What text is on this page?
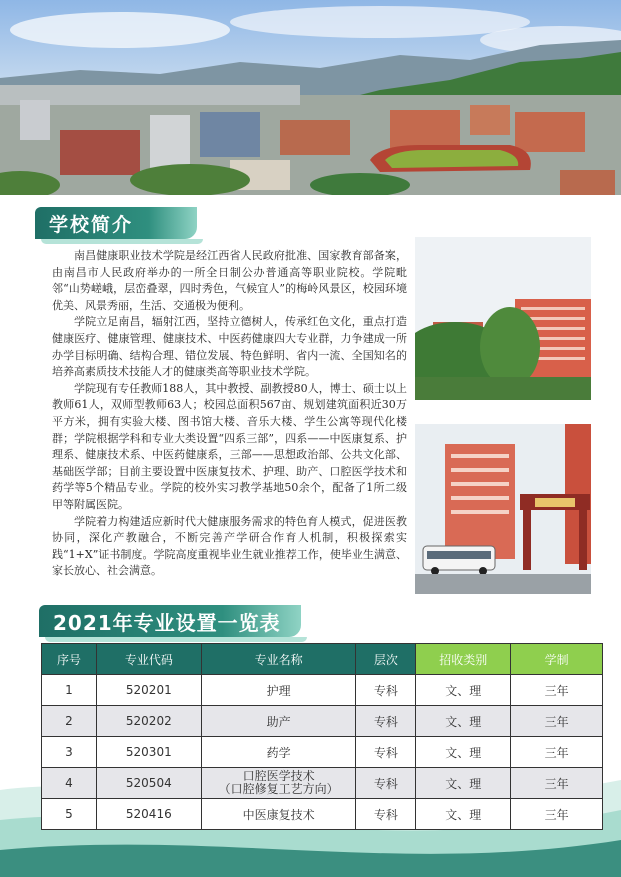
学校简介

南昌健康职业技术学院是经江西省人民政府批准、国家教育部备案，由南昌市人民政府举办的一所全日制公办普通高等职业院校。学院毗邻“山势嵯峨，层峦叠翠，四时秀色，气候宜人”的梅岭风景区，校园环境优美、风景秀丽，生活、交通极为便利。

学院立足南昌，辐射江西，坚持立德树人，传承红色文化，重点打造健康医疗、健康管理、健康技术、中医药健康四大专业群，力争建成一所办学目标明确、结构合理、错位发展、特色鲜明、省内一流、全国知名的培养高素质技术技能人才的健康类高等职业技术学院。

学院现有专任教师188人，其中教授、副教授80人，博士、硕士以上教师61人，双师型教师63人；校园总面积567亩、规划建筑面积近30万平方米，拥有实验大楼、图书馆大楼、音乐大楼、学生公寓等现代化楼群；学院根据学科和专业大类设置“四系三部”，四系——中医康复系、护理系、健康技术系、中医药健康系，三部——思想政治部、公共文化部、基础医学部；目前主要设置中医康复技术、护理、助产、口腔医学技术和药学等5个精品专业。学院的校外实习教学基地50余个，配备了1所二级甲等附属医院。

学院着力构建适应新时代大健康服务需求的特色育人模式，促进医教协同，深化产教融合，不断完善产学研合作育人机制，积极探索实践“1+X”证书制度。学院高度重视毕业生就业推荐工作，使毕业生满意、家长放心、社会满意。

2021年专业设置一览表
序号	专业代码	专业名称	层次	招收类别	学制
1	520201	护理	专科	文、理	三年
2	520202	助产	专科	文、理	三年
3	520301	药学	专科	文、理	三年
4	520504	口腔医学技术
（口腔修复工艺方向）	专科	文、理	三年
5	520416	中医康复技术	专科	文、理	三年
